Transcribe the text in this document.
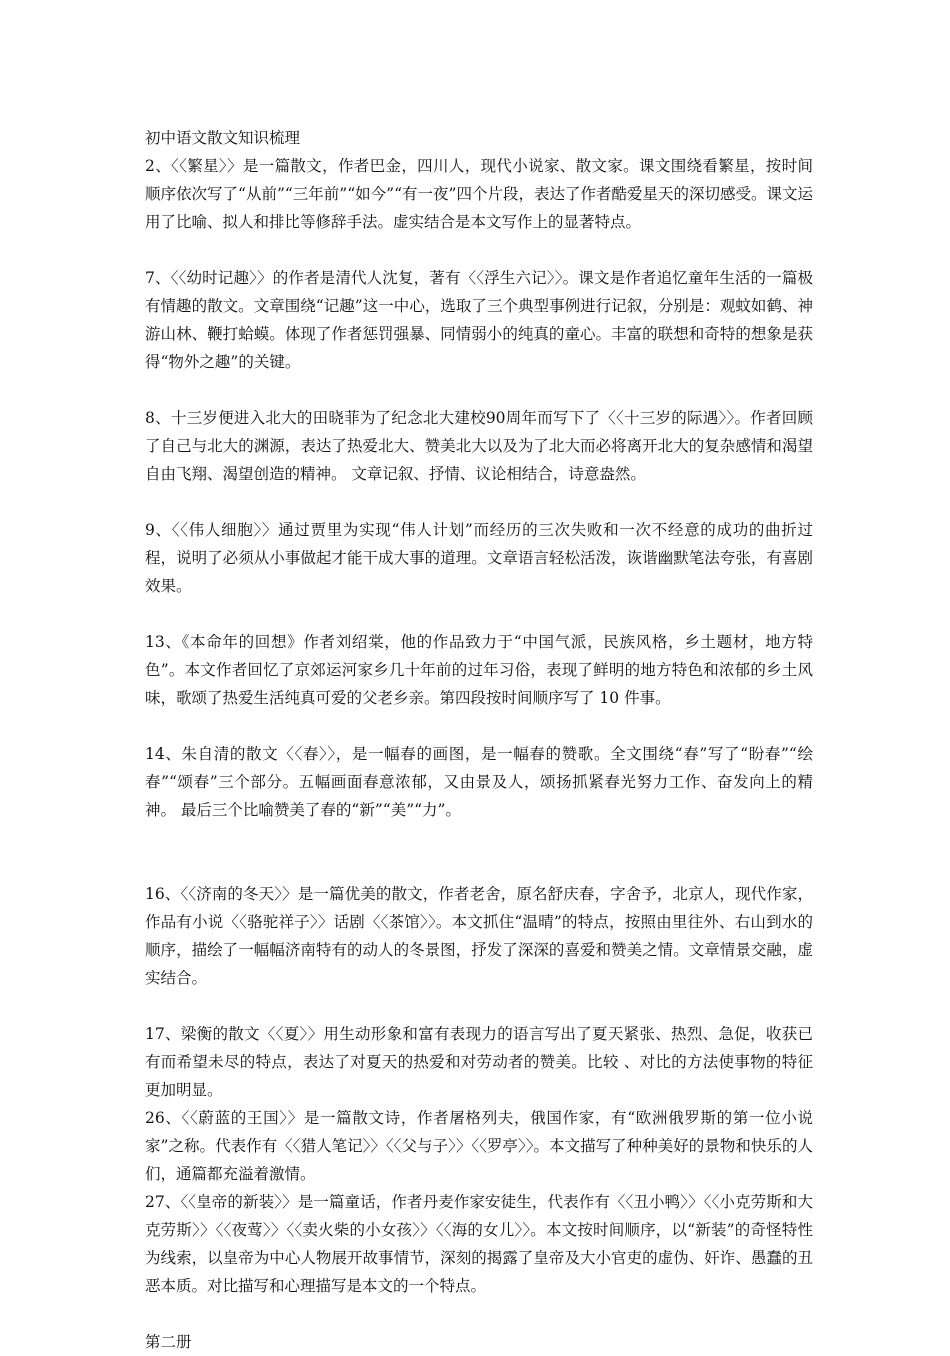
初中语文散文知识梳理

2、〈〈繁星〉〉是一篇散文，作者巴金，四川人，现代小说家、散文家。课文围绕看繁星，按时间顺序依次写了“从前”“三年前”“如今”“有一夜”四个片段，表达了作者酷爱星天的深切感受。课文运用了比喻、拟人和排比等修辞手法。虚实结合是本文写作上的显著特点。

7、〈〈幼时记趣〉〉的作者是清代人沈复，著有〈〈浮生六记〉〉。课文是作者追忆童年生活的一篇极有情趣的散文。文章围绕“记趣”这一中心，选取了三个典型事例进行记叙，分别是：观蚊如鹤、神游山林、鞭打蛤蟆。体现了作者惩罚强暴、同情弱小的纯真的童心。丰富的联想和奇特的想象是获得“物外之趣”的关键。

8、十三岁便进入北大的田晓菲为了纪念北大建校90周年而写下了〈〈十三岁的际遇〉〉。作者回顾了自己与北大的渊源，表达了热爱北大、赞美北大以及为了北大而必将离开北大的复杂感情和渴望自由飞翔、渴望创造的精神。 文章记叙、抒情、议论相结合，诗意盎然。

9、〈〈伟人细胞〉〉通过贾里为实现“伟人计划”而经历的三次失败和一次不经意的成功的曲折过程，说明了必须从小事做起才能干成大事的道理。文章语言轻松活泼，诙谐幽默笔法夸张，有喜剧效果。

13、《本命年的回想》作者刘绍棠，他的作品致力于“中国气派，民族风格，乡土题材，地方特色”。本文作者回忆了京郊运河家乡几十年前的过年习俗，表现了鲜明的地方特色和浓郁的乡土风味，歌颂了热爱生活纯真可爱的父老乡亲。第四段按时间顺序写了 10 件事。

14、朱自清的散文〈〈春〉〉，是一幅春的画图，是一幅春的赞歌。全文围绕“春”写了“盼春”“绘春”“颂春”三个部分。五幅画面春意浓郁，又由景及人，颂扬抓紧春光努力工作、奋发向上的精神。 最后三个比喻赞美了春的“新”“美”“力”。

16、〈〈济南的冬天〉〉是一篇优美的散文，作者老舍，原名舒庆春，字舍予，北京人，现代作家，作品有小说〈〈骆驼祥子〉〉话剧〈〈茶馆〉〉。本文抓住“温晴”的特点，按照由里往外、右山到水的顺序，描绘了一幅幅济南特有的动人的冬景图，抒发了深深的喜爱和赞美之情。文章情景交融，虚实结合。

17、梁衡的散文〈〈夏〉〉用生动形象和富有表现力的语言写出了夏天紧张、热烈、急促，收获已有而希望未尽的特点，表达了对夏天的热爱和对劳动者的赞美。比较 、对比的方法使事物的特征更加明显。

26、〈〈蔚蓝的王国〉〉是一篇散文诗，作者屠格列夫，俄国作家，有“欧洲俄罗斯的第一位小说家”之称。代表作有〈〈猎人笔记〉〉〈〈父与子〉〉〈〈罗亭〉〉。本文描写了种种美好的景物和快乐的人们，通篇都充溢着激情。

27、〈〈皇帝的新装〉〉是一篇童话，作者丹麦作家安徒生，代表作有〈〈丑小鸭〉〉〈〈小克劳斯和大克劳斯〉〉〈〈夜莺〉〉〈〈卖火柴的小女孩〉〉〈〈海的女儿〉〉。本文按时间顺序，以“新装”的奇怪特性为线索，以皇帝为中心人物展开故事情节，深刻的揭露了皇帝及大小官吏的虚伪、奸诈、愚蠢的丑恶本质。对比描写和心理描写是本文的一个特点。

第二册
